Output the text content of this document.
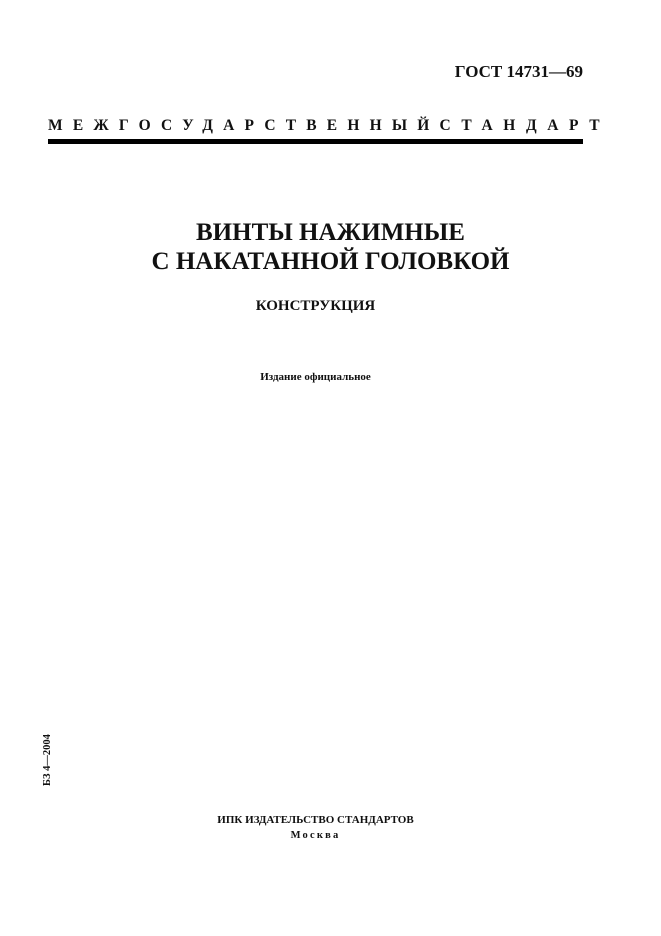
ГОСТ 14731—69
МЕЖГОСУДАРСТВЕННЫЙ СТАНДАРТ
ВИНТЫ НАЖИМНЫЕ
С НАКАТАННОЙ ГОЛОВКОЙ
КОНСТРУКЦИЯ
Издание официальное
БЗ 4—2004
ИПК ИЗДАТЕЛЬСТВО СТАНДАРТОВ
Москва
